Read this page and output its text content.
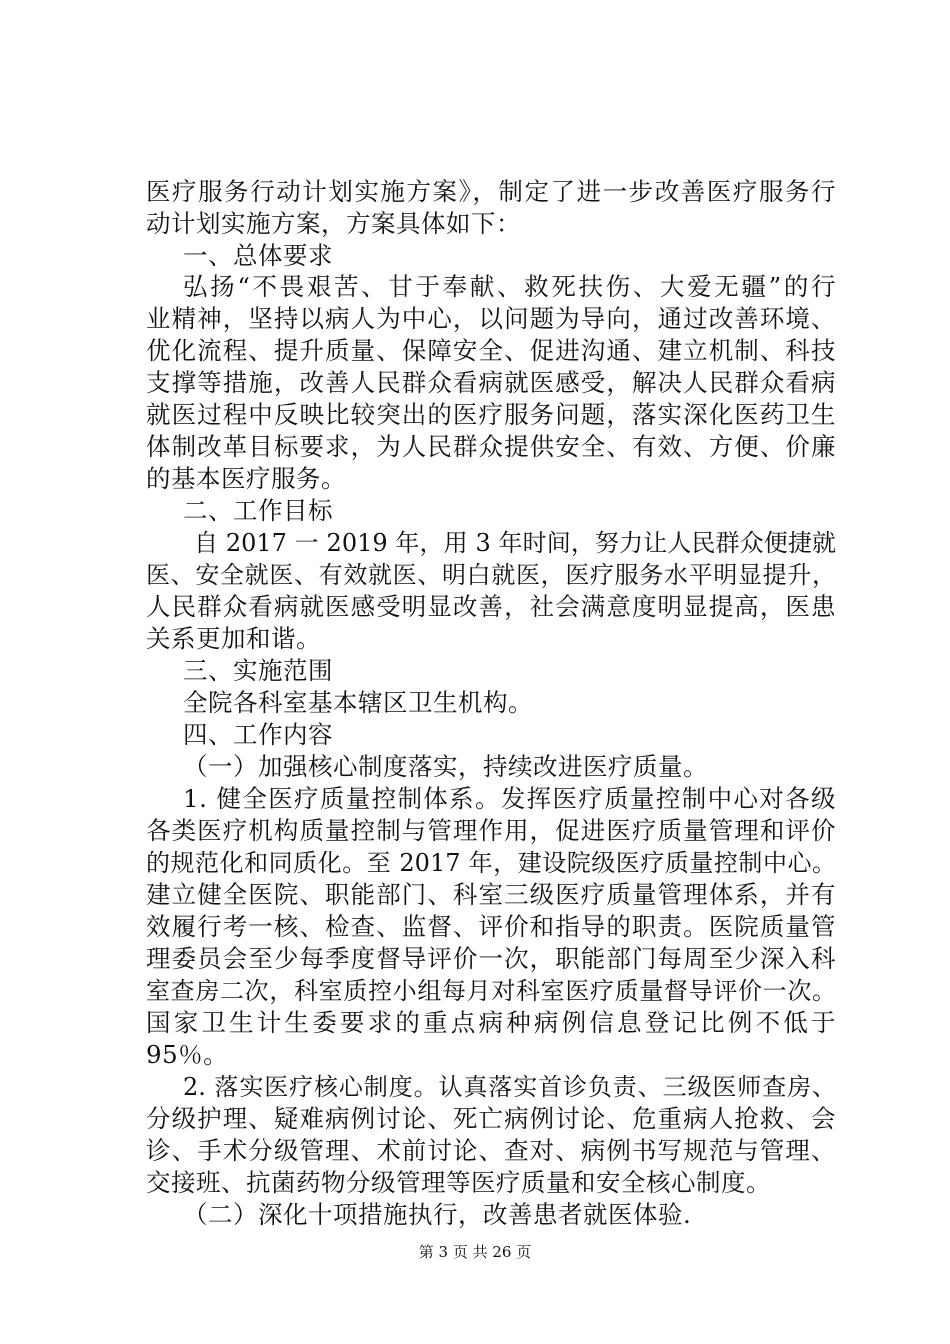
医疗服务行动计划实施方案》，制定了进一步改善医疗服务行
动计划实施方案，方案具体如下：
一、总体要求
弘扬“不畏艰苦、甘于奉献、救死扶伤、大爱无疆”的行
业精神，坚持以病人为中心，以问题为导向，通过改善环境、
优化流程、提升质量、保障安全、促进沟通、建立机制、科技
支撑等措施，改善人民群众看病就医感受，解决人民群众看病
就医过程中反映比较突出的医疗服务问题，落实深化医药卫生
体制改革目标要求，为人民群众提供安全、有效、方便、价廉
的基本医疗服务。
二、工作目标
自 2017 一 2019 年，用 3 年时间，努力让人民群众便捷就
医、安全就医、有效就医、明白就医，医疗服务水平明显提升，
人民群众看病就医感受明显改善，社会满意度明显提高，医患
关系更加和谐。
三、实施范围
全院各科室基本辖区卫生机构。
四、工作内容
（一）加强核心制度落实，持续改进医疗质量。
1. 健全医疗质量控制体系。发挥医疗质量控制中心对各级
各类医疗机构质量控制与管理作用，促进医疗质量管理和评价
的规范化和同质化。至 2017 年，建设院级医疗质量控制中心。
建立健全医院、职能部门、科室三级医疗质量管理体系，并有
效履行考一核、检查、监督、评价和指导的职责。医院质量管
理委员会至少每季度督导评价一次，职能部门每周至少深入科
室查房二次，科室质控小组每月对科室医疗质量督导评价一次。
国家卫生计生委要求的重点病种病例信息登记比例不低于
95％。
2. 落实医疗核心制度。认真落实首诊负责、三级医师查房、
分级护理、疑难病例讨论、死亡病例讨论、危重病人抢救、会
诊、手术分级管理、术前讨论、查对、病例书写规范与管理、
交接班、抗菌药物分级管理等医疗质量和安全核心制度。
（二）深化十项措施执行，改善患者就医体验.
第 3 页 共 26 页
